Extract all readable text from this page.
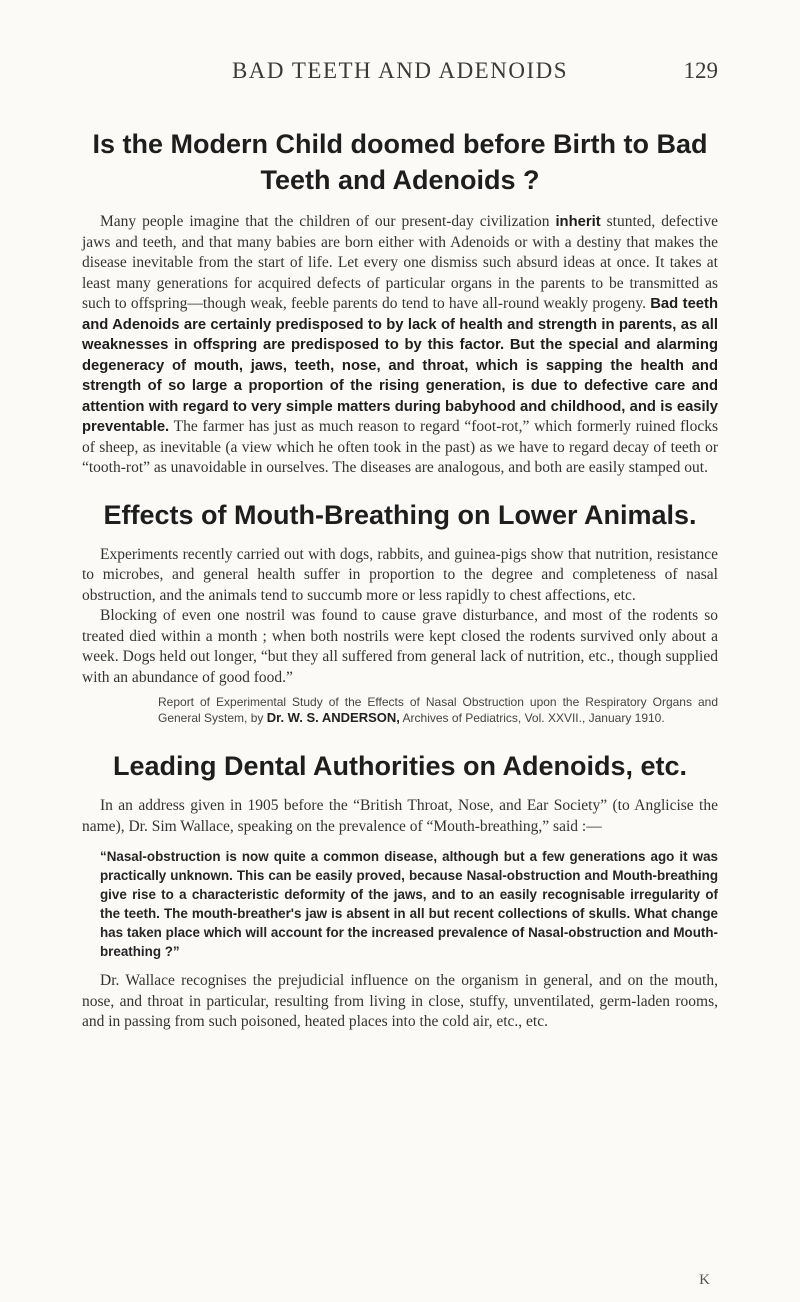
BAD TEETH AND ADENOIDS	129
Is the Modern Child doomed before Birth to Bad Teeth and Adenoids ?

Many people imagine that the children of our present-day civilization inherit stunted, defective jaws and teeth, and that many babies are born either with Adenoids or with a destiny that makes the disease inevitable from the start of life. Let every one dismiss such absurd ideas at once. It takes at least many generations for acquired defects of particular organs in the parents to be transmitted as such to offspring—though weak, feeble parents do tend to have all-round weakly progeny. Bad teeth and Adenoids are certainly predisposed to by lack of health and strength in parents, as all weaknesses in offspring are predisposed to by this factor. But the special and alarming degeneracy of mouth, jaws, teeth, nose, and throat, which is sapping the health and strength of so large a proportion of the rising generation, is due to defective care and attention with regard to very simple matters during babyhood and childhood, and is easily preventable. The farmer has just as much reason to regard “foot-rot,” which formerly ruined flocks of sheep, as inevitable (a view which he often took in the past) as we have to regard decay of teeth or “tooth-rot” as unavoidable in ourselves. The diseases are analogous, and both are easily stamped out.

Effects of Mouth-Breathing on Lower Animals.

Experiments recently carried out with dogs, rabbits, and guinea-pigs show that nutrition, resistance to microbes, and general health suffer in proportion to the degree and completeness of nasal obstruction, and the animals tend to succumb more or less rapidly to chest affections, etc.

Blocking of even one nostril was found to cause grave disturbance, and most of the rodents so treated died within a month ; when both nostrils were kept closed the rodents survived only about a week. Dogs held out longer, “but they all suffered from general lack of nutrition, etc., though supplied with an abundance of good food.”

Report of Experimental Study of the Effects of Nasal Obstruction upon the Respiratory Organs and General System, by Dr. W. S. ANDERSON, Archives of Pediatrics, Vol. XXVII., January 1910.
Leading Dental Authorities on Adenoids, etc.

In an address given in 1905 before the “British Throat, Nose, and Ear Society” (to Anglicise the name), Dr. Sim Wallace, speaking on the prevalence of “Mouth-breathing,” said :—

“Nasal-obstruction is now quite a common disease, although but a few generations ago it was practically unknown. This can be easily proved, because Nasal-obstruction and Mouth-breathing give rise to a characteristic deformity of the jaws, and to an easily recognisable irregularity of the teeth. The mouth-breather's jaw is absent in all but recent collections of skulls. What change has taken place which will account for the increased prevalence of Nasal-obstruction and Mouth-breathing ?”

Dr. Wallace recognises the prejudicial influence on the organism in general, and on the mouth, nose, and throat in particular, resulting from living in close, stuffy, unventilated, germ-laden rooms, and in passing from such poisoned, heated places into the cold air, etc., etc.

K
